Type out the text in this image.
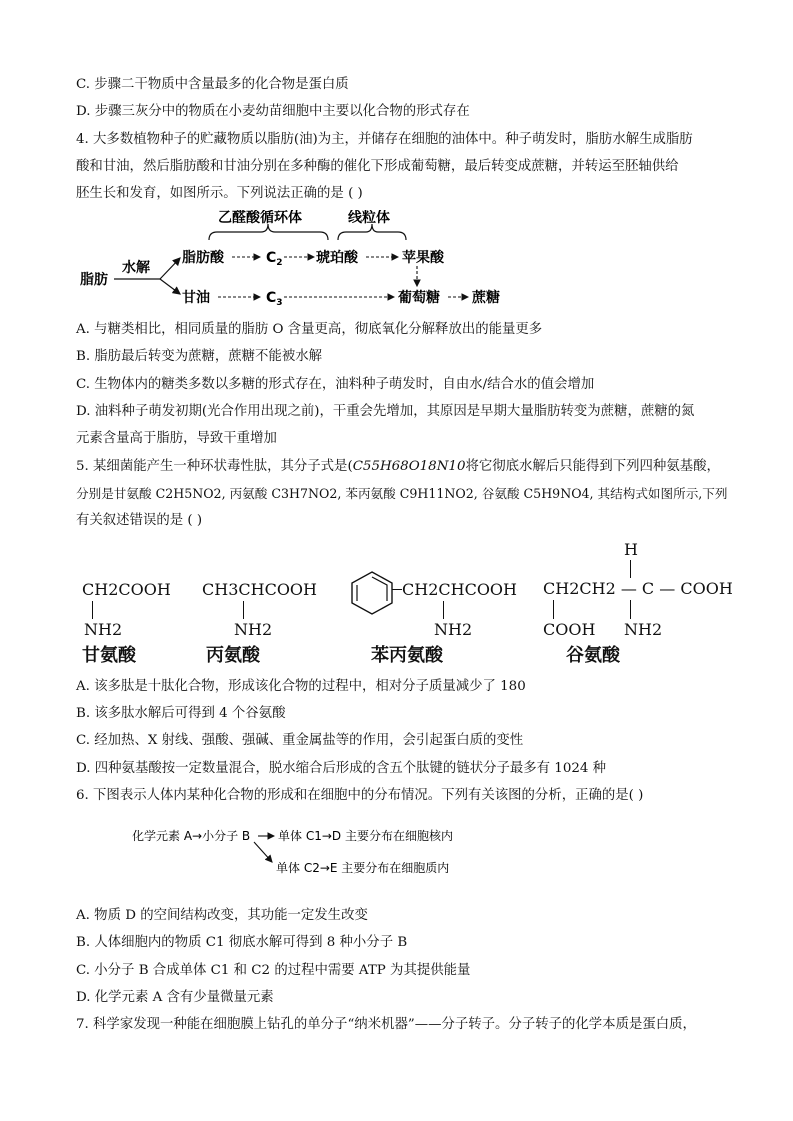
C. 步骤二干物质中含量最多的化合物是蛋白质
D. 步骤三灰分中的物质在小麦幼苗细胞中主要以化合物的形式存在
4. 大多数植物种子的贮藏物质以脂肪(油)为主，并储存在细胞的油体中。种子萌发时，脂肪水解生成脂肪
酸和甘油，然后脂肪酸和甘油分别在多种酶的催化下形成葡萄糖，最后转变成蔗糖，并转运至胚轴供给
胚生长和发育，如图所示。下列说法正确的是 ( )
乙醛酸循环体	线粒体
脂肪
水解
脂肪酸	$C_2$ 琥珀酸	苹果酸
甘油	$C_3$	葡萄糖 蔗糖
A. 与糖类相比，相同质量的脂肪 O 含量更高，彻底氧化分解释放出的能量更多
B. 脂肪最后转变为蔗糖，蔗糖不能被水解
C. 生物体内的糖类多数以多糖的形式存在，油料种子萌发时，自由水/结合水的值会增加
D. 油料种子萌发初期(光合作用出现之前)，干重会先增加，其原因是早期大量脂肪转变为蔗糖，蔗糖的氮
元素含量高于脂肪，导致干重增加
5. 某细菌能产生一种环状毒性肽，其分子式是(C55H68O18N10将它彻底水解后只能得到下列四种氨基酸，
分别是甘氨酸 C2H5NO2, 丙氨酸 C3H7NO2, 苯丙氨酸 C9H11NO2, 谷氨酸 C5H9NO4, 其结构式如图所示,下列
有关叙述错误的是 ( )
CH2COOH
NH2
甘氨酸
CH3CHCOOH
NH2
丙氨酸
CH2CHCOOH
NH2
苯丙氨酸
H
CH2CH2 — C — COOH
COOH NH2
谷氨酸
A. 该多肽是十肽化合物，形成该化合物的过程中，相对分子质量减少了 180
B. 该多肽水解后可得到 4 个谷氨酸
C. 经加热、X 射线、强酸、强碱、重金属盐等的作用，会引起蛋白质的变性
D. 四种氨基酸按一定数量混合，脱水缩合后形成的含五个肽键的链状分子最多有 1024 种
6. 下图表示人体内某种化合物的形成和在细胞中的分布情况。下列有关该图的分析，正确的是( )
化学元素 A→小分子 B 单体 C1→D 主要分布在细胞核内
单体 C2→E 主要分布在细胞质内
A. 物质 D 的空间结构改变，其功能一定发生改变
B. 人体细胞内的物质 C1 彻底水解可得到 8 种小分子 B
C. 小分子 B 合成单体 C1 和 C2 的过程中需要 ATP 为其提供能量
D. 化学元素 A 含有少量微量元素
7. 科学家发现一种能在细胞膜上钻孔的单分子“纳米机器”——分子转子。分子转子的化学本质是蛋白质，
